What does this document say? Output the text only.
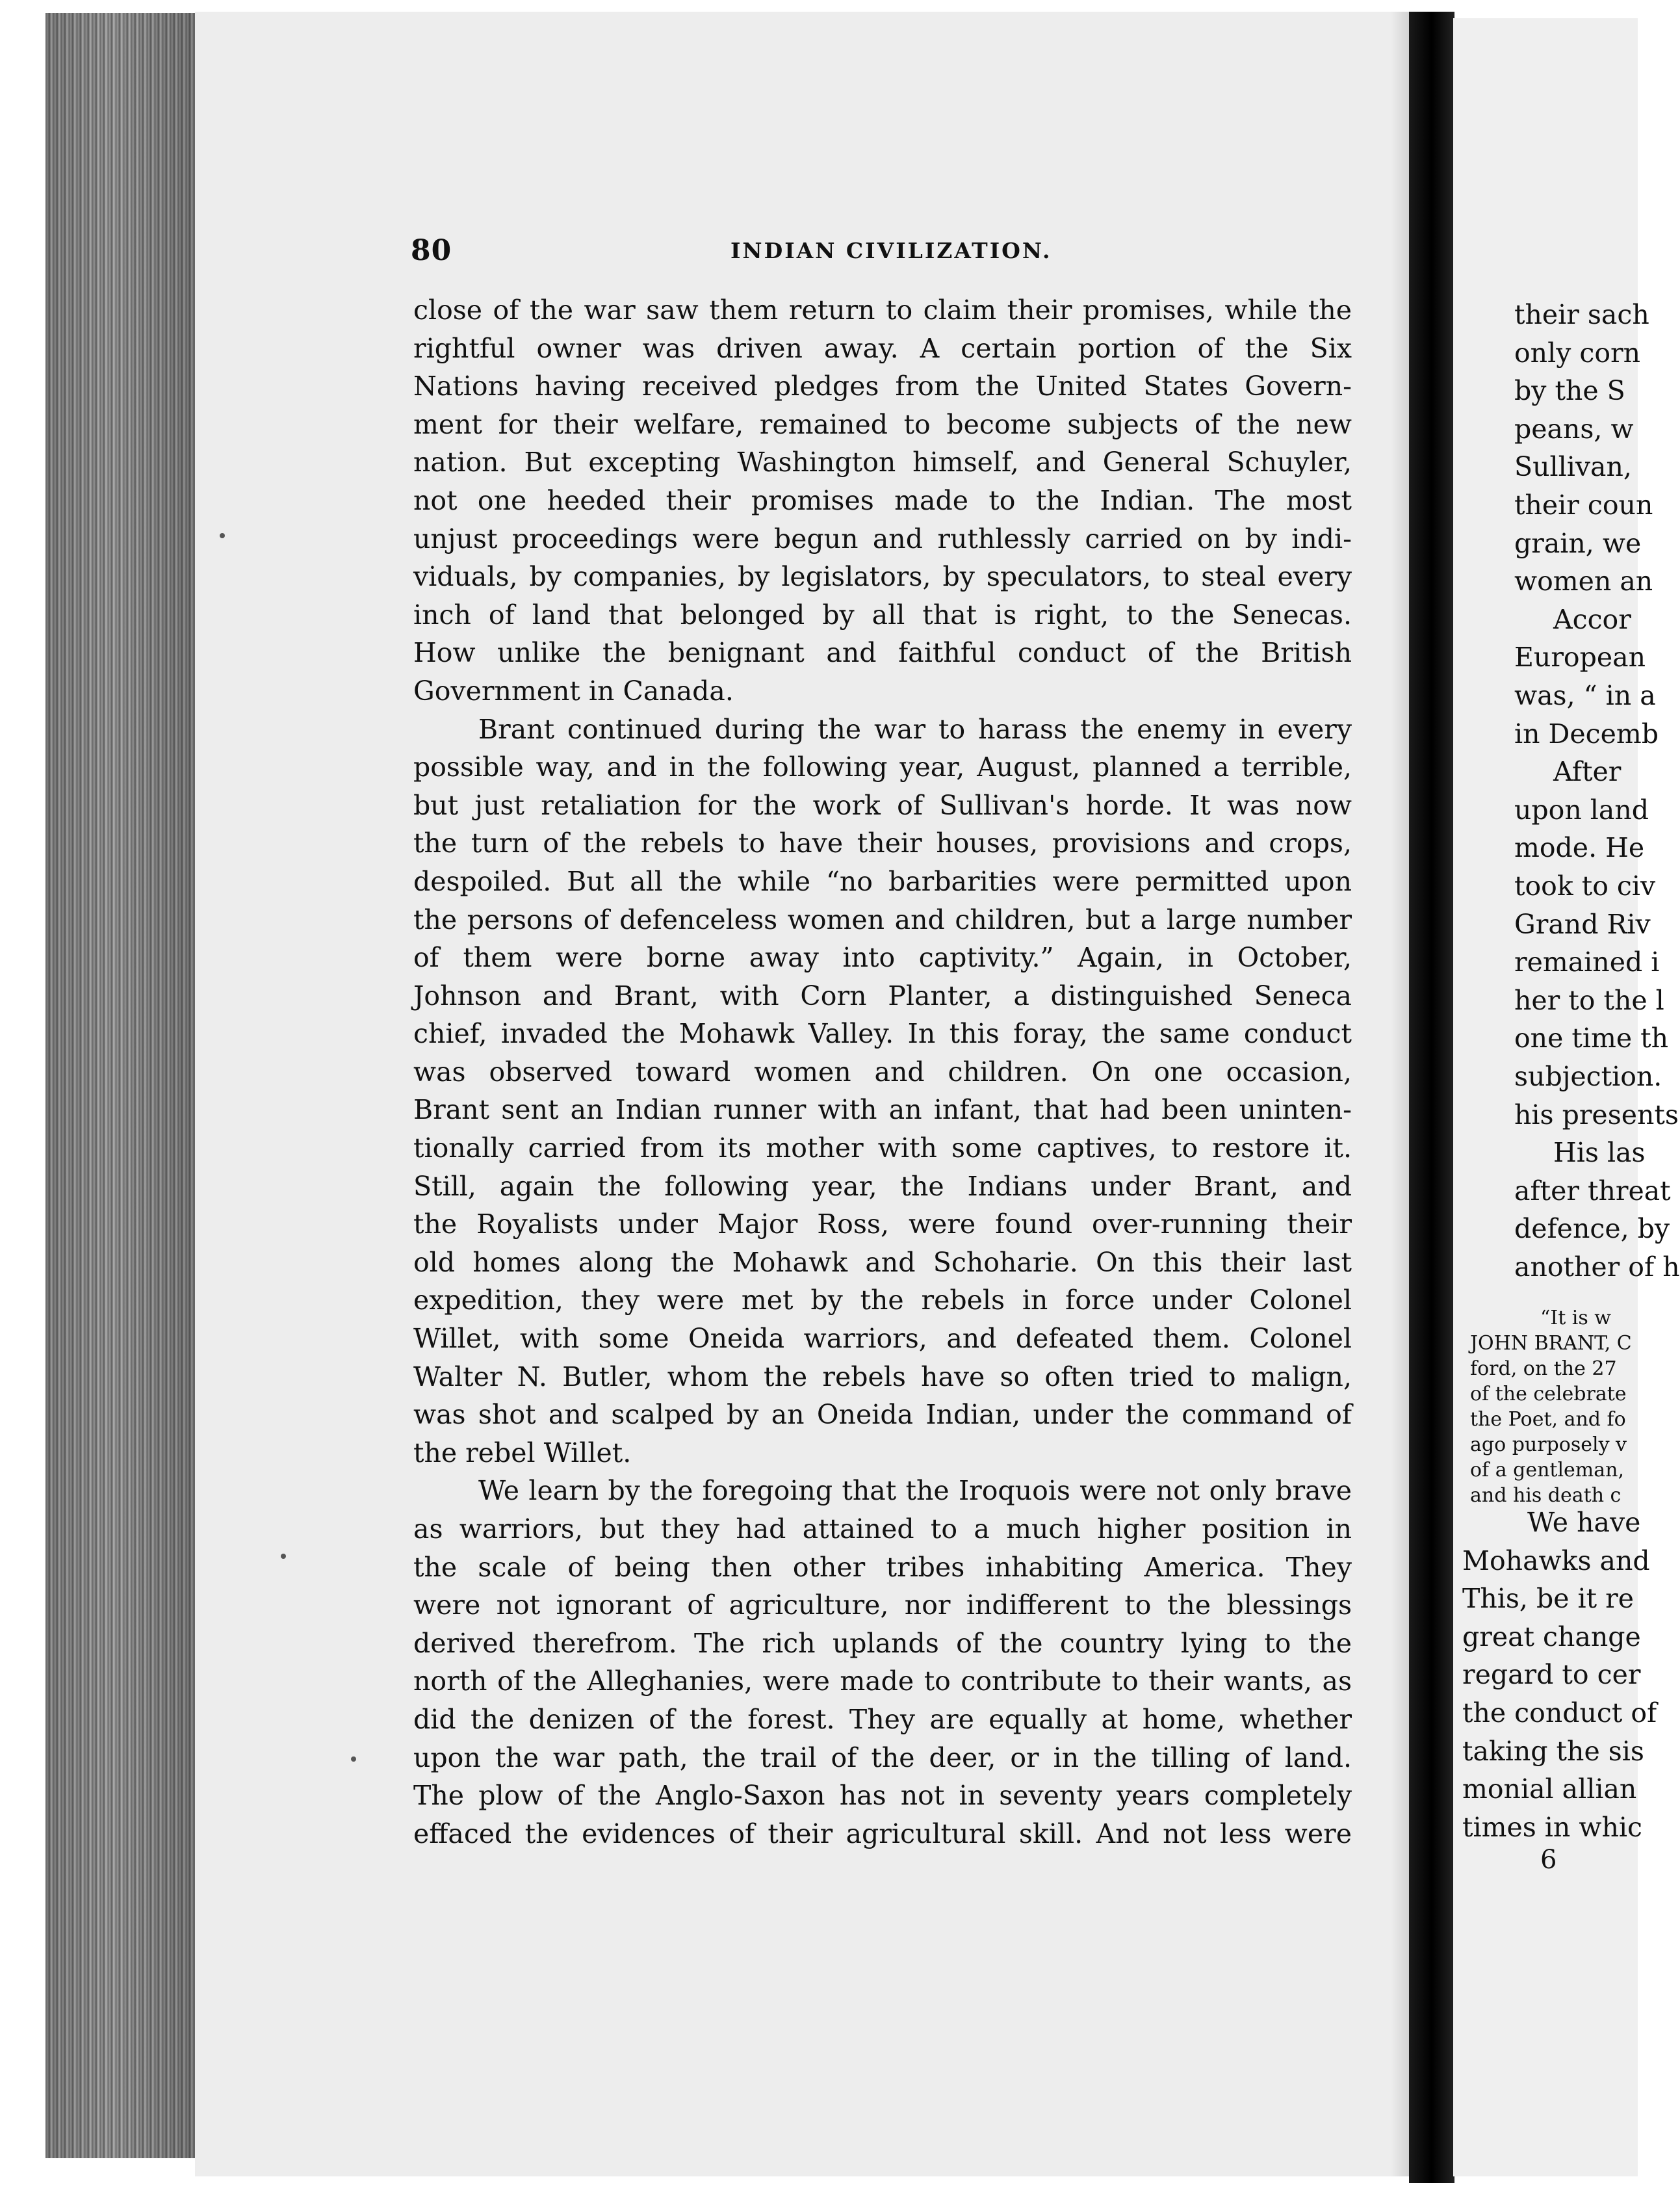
80	INDIAN CIVILIZATION.
close of the war saw them return to claim their promises, while the
rightful owner was driven away. A certain portion of the Six
Nations having received pledges from the United States Govern-
ment for their welfare, remained to become subjects of the new
nation. But excepting Washington himself, and General Schuyler,
not one heeded their promises made to the Indian. The most
unjust proceedings were begun and ruthlessly carried on by indi-
viduals, by companies, by legislators, by speculators, to steal every
inch of land that belonged by all that is right, to the Senecas.
How unlike the benignant and faithful conduct of the British
Government in Canada.
Brant continued during the war to harass the enemy in every
possible way, and in the following year, August, planned a terrible,
but just retaliation for the work of Sullivan's horde. It was now
the turn of the rebels to have their houses, provisions and crops,
despoiled. But all the while “no barbarities were permitted upon
the persons of defenceless women and children, but a large number
of them were borne away into captivity.” Again, in October,
Johnson and Brant, with Corn Planter, a distinguished Seneca
chief, invaded the Mohawk Valley. In this foray, the same conduct
was observed toward women and children. On one occasion,
Brant sent an Indian runner with an infant, that had been uninten-
tionally carried from its mother with some captives, to restore it.
Still, again the following year, the Indians under Brant, and
the Royalists under Major Ross, were found over-running their
old homes along the Mohawk and Schoharie. On this their last
expedition, they were met by the rebels in force under Colonel
Willet, with some Oneida warriors, and defeated them. Colonel
Walter N. Butler, whom the rebels have so often tried to malign,
was shot and scalped by an Oneida Indian, under the command of
the rebel Willet.
We learn by the foregoing that the Iroquois were not only brave
as warriors, but they had attained to a much higher position in
the scale of being then other tribes inhabiting America. They
were not ignorant of agriculture, nor indifferent to the blessings
derived therefrom. The rich uplands of the country lying to the
north of the Alleghanies, were made to contribute to their wants, as
did the denizen of the forest. They are equally at home, whether
upon the war path, the trail of the deer, or in the tilling of land.
The plow of the Anglo-Saxon has not in seventy years completely
effaced the evidences of their agricultural skill. And not less were
their sach
only corn
by the S
peans, w
Sullivan,
their coun
grain, we
women an
Accor
European
was, “ in a
in Decemb
After
upon land
mode. He
took to civ
Grand Riv
remained i
her to the l
one time th
subjection.
his presents
His las
after threat
defence, by
another of h
“It is w
JOHN BRANT, C
ford, on the 27
of the celebrate
the Poet, and fo
ago purposely v
of a gentleman,
and his death c
We have
Mohawks and
This, be it re
great change
regard to cer
the conduct of
taking the sis
monial allian
times in whic
6
